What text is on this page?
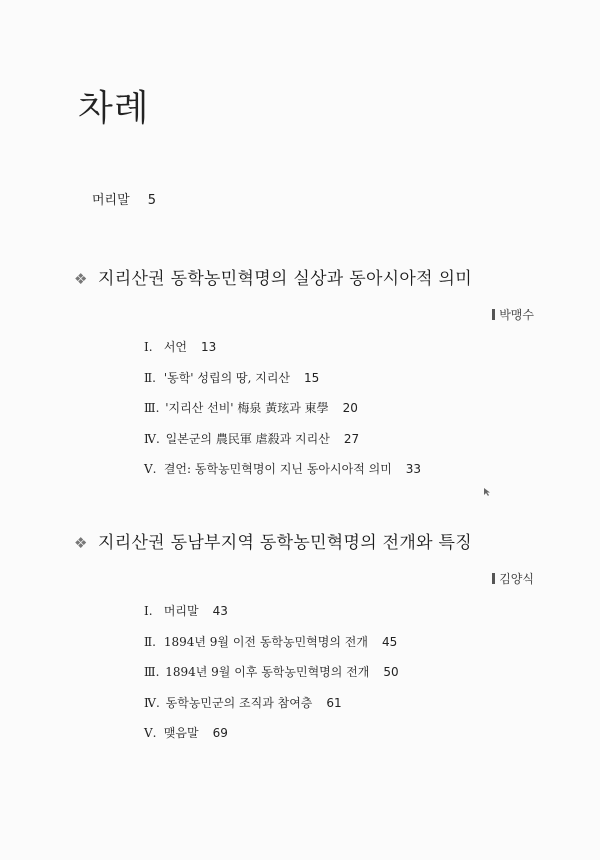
차례
머리말 5
❖ 지리산권 동학농민혁명의 실상과 동아시아적 의미
박맹수
Ⅰ. 서언 13
Ⅱ. '동학' 성립의 땅, 지리산 15
Ⅲ. '지리산 선비' 梅泉 黃玹과 東學 20
Ⅳ. 일본군의 農民軍 虐殺과 지리산 27
Ⅴ. 결언: 동학농민혁명이 지닌 동아시아적 의미 33
❖ 지리산권 동남부지역 동학농민혁명의 전개와 특징
김양식
Ⅰ. 머리말 43
Ⅱ. 1894년 9월 이전 동학농민혁명의 전개 45
Ⅲ. 1894년 9월 이후 동학농민혁명의 전개 50
Ⅳ. 동학농민군의 조직과 참여층 61
Ⅴ. 맺음말 69
